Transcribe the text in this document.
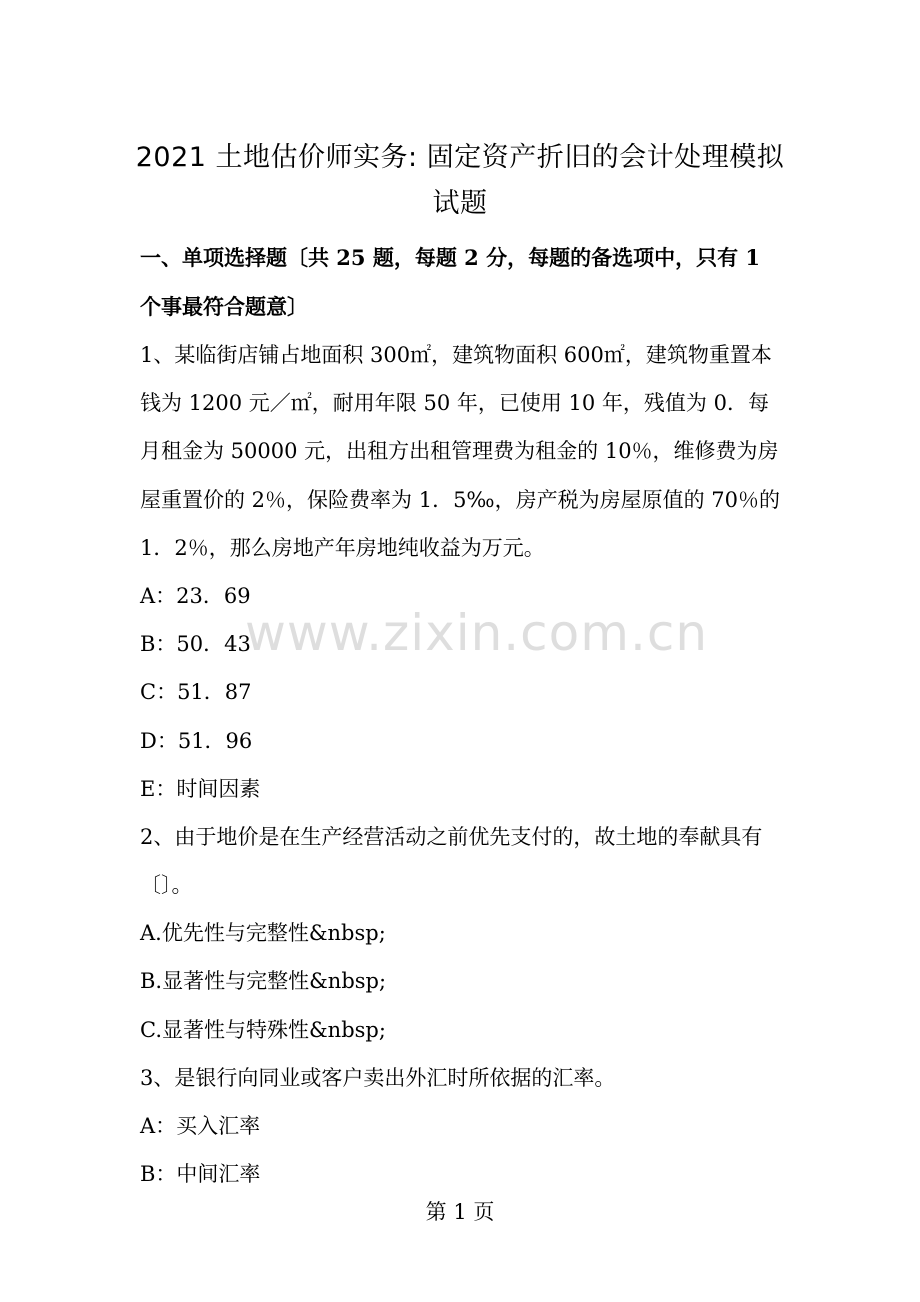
2021 土地估价师实务: 固定资产折旧的会计处理模拟
试题
一、单项选择题〔共 25 题，每题 2 分，每题的备选项中，只有 1
个事最符合题意〕
1、某临街店铺占地面积 300㎡，建筑物面积 600㎡，建筑物重置本
钱为 1200 元／㎡，耐用年限 50 年，已使用 10 年，残值为 0．每
月租金为 50000 元，出租方出租管理费为租金的 10％，维修费为房
屋重置价的 2％，保险费率为 1．5‰，房产税为房屋原值的 70％的
1．2％，那么房地产年房地纯收益为万元。
A：23．69
B：50．43
C：51．87
D：51．96
E：时间因素
2、由于地价是在生产经营活动之前优先支付的，故土地的奉献具有
〔〕。
A.优先性与完整性&nbsp;
B.显著性与完整性&nbsp;
C.显著性与特殊性&nbsp;
3、是银行向同业或客户卖出外汇时所依据的汇率。
A：买入汇率
B：中间汇率
www.zixin.com.cn
第 1 页
